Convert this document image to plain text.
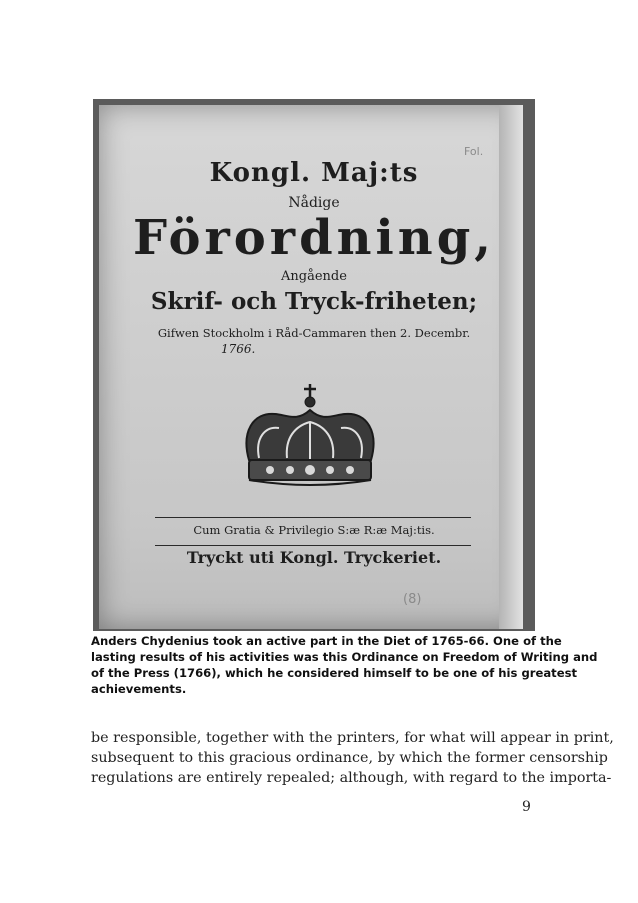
Fol.
Kongl. Maj:ts
Nådige
Förordning,
Angående
Skrif- och Tryck-friheten;
Gifwen Stockholm i Råd-Cammaren then 2. Decembr.
1766.
Cum Gratia & Privilegio S:æ R:æ Maj:tis.
Tryckt uti Kongl. Tryckeriet.
(8)
Anders Chydenius took an active part in the Diet of 1765-66. One of the
lasting results of his activities was this Ordinance on Freedom of Writing and
of the Press (1766), which he considered himself to be one of his greatest
achievements.
be responsible, together with the printers, for what will appear in print,
subsequent to this gracious ordinance, by which the former censorship
regulations are entirely repealed; although, with regard to the importa-
9
